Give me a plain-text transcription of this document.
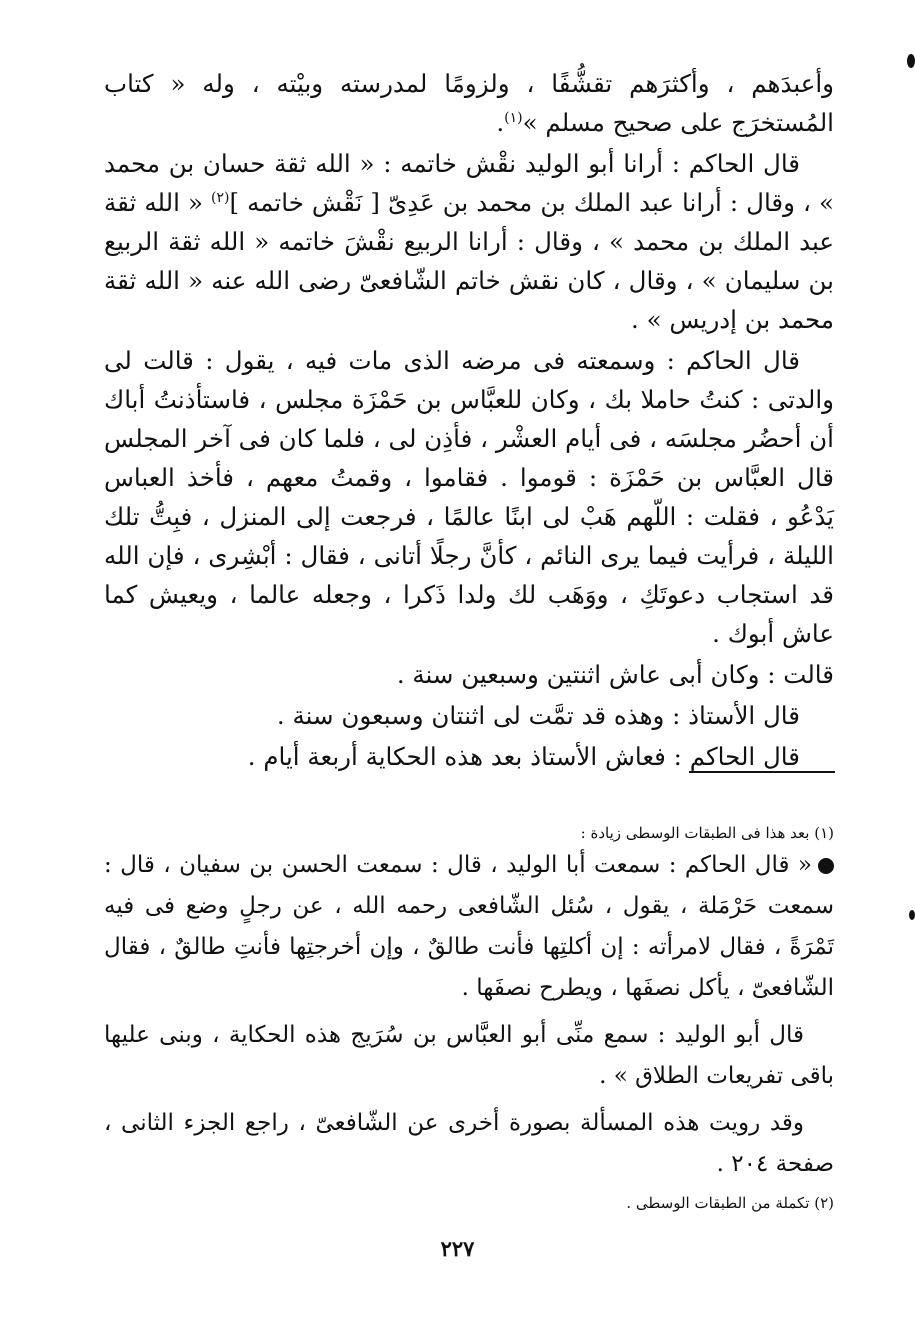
وأعبدَهم ، وأكثرَهم تقشُّفًا ، ولزومًا لمدرسته وبيْته ، وله « كتاب المُستخرَج على صحيح مسلم »$^{(١)}$.

قال الحاكم : أرانا أبو الوليد نقْش خاتمه : « الله ثقة حسان بن محمد » ، وقال : أرانا عبد الملك بن محمد بن عَدِىّ [ نَقْش خاتمه ]$^{(٢)}$ « الله ثقة عبد الملك بن محمد » ، وقال : أرانا الربيع نقْشَ خاتمه « الله ثقة الربيع بن سليمان » ، وقال ، كان نقش خاتم الشّافعىّ رضى الله عنه « الله ثقة محمد بن إدريس » .

قال الحاكم : وسمعته فى مرضه الذى مات فيه ، يقول : قالت لى والدتى : كنتُ حاملا بك ، وكان للعبَّاس بن حَمْزَة مجلس ، فاستأذنتُ أباك أن أحضُر مجلسَه ، فى أيام العشْر ، فأذِن لى ، فلما كان فى آخر المجلس قال العبَّاس بن حَمْزَة : قوموا . فقاموا ، وقمتُ معهم ، فأخذ العباس يَدْعُو ، فقلت : اللّهم هَبْ لى ابنًا عالمًا ، فرجعت إلى المنزل ، فبِتُّ تلك الليلة ، فرأيت فيما يرى النائم ، كأنَّ رجلًا أتانى ، فقال : أبْشِرى ، فإن الله قد استجاب دعوتَكِ ، ووَهَب لك ولدا ذَكرا ، وجعله عالما ، ويعيش كما عاش أبوك .

قالت : وكان أبى عاش اثنتين وسبعين سنة .

قال الأستاذ : وهذه قد تمَّت لى اثنتان وسبعون سنة .

قال الحاكم : فعاش الأستاذ بعد هذه الحكاية أربعة أيام .

(١) بعد هذا فى الطبقات الوسطى زيادة :

« قال الحاكم : سمعت أبا الوليد ، قال : سمعت الحسن بن سفيان ، قال : سمعت حَرْمَلة ، يقول ، سُئل الشّافعى رحمه الله ، عن رجلٍ وضع فى فيه تَمْرَةً ، فقال لامرأته : إن أكلتِها فأنت طالقٌ ، وإن أخرجتِها فأنتِ طالقٌ ، فقال الشّافعىّ ، يأكل نصفَها ، ويطرح نصفَها .

قال أبو الوليد : سمع منِّى أبو العبَّاس بن سُرَيج هذه الحكاية ، وبنى عليها باقى تفريعات الطلاق » .

وقد رويت هذه المسألة بصورة أخرى عن الشّافعىّ ، راجع الجزء الثانى ، صفحة ٢٠٤ .

(٢) تكملة من الطبقات الوسطى .

٢٢٧
